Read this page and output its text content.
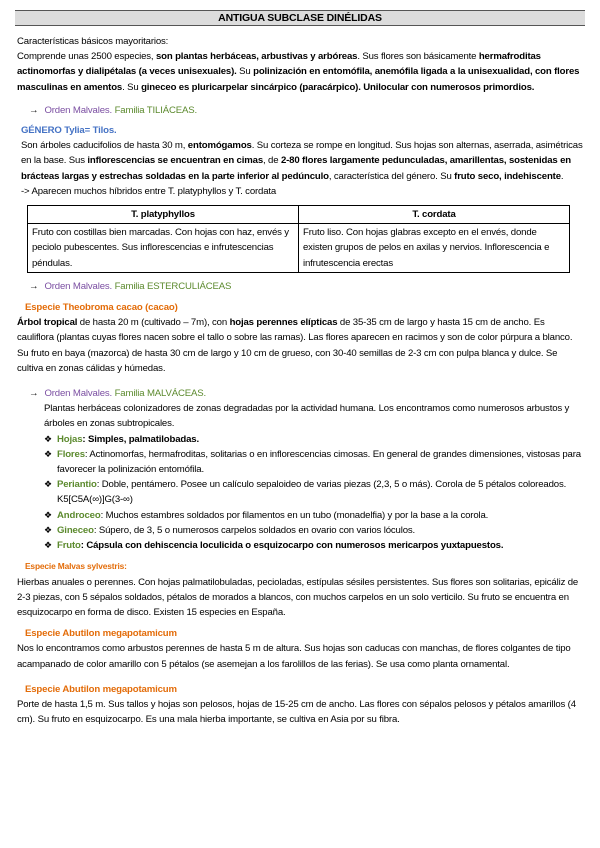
ANTIGUA SUBCLASE DINÉLIDAS

Características básicos mayoritarios:

Comprende unas 2500 especies, son plantas herbáceas, arbustivas y arbóreas. Sus flores son básicamente hermafroditas actinomorfas y dialipétalas (a veces unisexuales). Su polinización en entomófila, anemófila ligada a la unisexualidad, con flores masculinas en amentos. Su gineceo es pluricarpelar sincárpico (paracárpico). Unilocular con numerosos primordios.

→ Orden Malvales. Familia TILIÁCEAS.

GÉNERO Tylia= Tilos.

Son árboles caducifolios de hasta 30 m, entomógamos. Su corteza se rompe en longitud. Sus hojas son alternas, aserrada, asimétricas en la base. Sus inflorescencias se encuentran en cimas, de 2-80 flores largamente pedunculadas, amarillentas, sostenidas en brácteas largas y estrechas soldadas en la parte inferior al pedúnculo, característica del género. Su fruto seco, indehiscente.

-> Aparecen muchos híbridos entre T. platyphyllos y T. cordata

T. platyphyllos	T. cordata
Fruto con costillas bien marcadas. Con hojas con haz, envés y peciolo pubescentes. Sus inflorescencias e infrutescencias péndulas.	Fruto liso. Con hojas glabras excepto en el envés, donde existen grupos de pelos en axilas y nervios. Inflorescencia e infrutescencia erectas

→ Orden Malvales. Familia ESTERCULIÁCEAS

Especie Theobroma cacao (cacao)

Árbol tropical de hasta 20 m (cultivado – 7m), con hojas perennes elípticas de 35-35 cm de largo y hasta 15 cm de ancho. Es cauliflora (plantas cuyas flores nacen sobre el tallo o sobre las ramas). Las flores aparecen en racimos y son de color púrpura a blanco. Su fruto en baya (mazorca) de hasta 30 cm de largo y 10 cm de grueso, con 30-40 semillas de 2-3 cm con pulpa blanca y dulce. Se cultiva en zonas cálidas y húmedas.

→ Orden Malvales. Familia MALVÁCEAS.

Plantas herbáceas colonizadores de zonas degradadas por la actividad humana. Los encontramos como numerosos arbustos y árboles en zonas subtropicales.

❖ Hojas: Simples, palmatilobadas.
❖ Flores: Actinomorfas, hermafroditas, solitarias o en inflorescencias cimosas. En general de grandes dimensiones, vistosas para favorecer la polinización entomófila.
❖ Periantio: Doble, pentámero. Posee un calículo sepaloideo de varias piezas (2,3, 5 o más). Corola de 5 pétalos coloreados. K5[C5A(∞)]G(3-∞)
❖ Androceo: Muchos estambres soldados por filamentos en un tubo (monadelfia) y por la base a la corola.
❖ Gineceo: Súpero, de 3, 5 o numerosos carpelos soldados en ovario con varios lóculos.
❖ Fruto: Cápsula con dehiscencia loculicida o esquizocarpo con numerosos mericarpos yuxtapuestos.

Especie Malvas sylvestris:

Hierbas anuales o perennes. Con hojas palmatilobuladas, pecioladas, estípulas sésiles persistentes. Sus flores son solitarias, epicáliz de 2-3 piezas, con 5 sépalos soldados, pétalos de morados a blancos, con muchos carpelos en un solo verticilo. Su fruto se encuentra en esquizocarpo en forma de disco. Existen 15 especies en España.

Especie Abutilon megapotamicum

Nos lo encontramos como arbustos perennes de hasta 5 m de altura. Sus hojas son caducas con manchas, de flores colgantes de tipo acampanado de color amarillo con 5 pétalos (se asemejan a los farolillos de las ferias). Se usa como planta ornamental.

Especie Abutilon megapotamicum

Porte de hasta 1,5 m. Sus tallos y hojas son pelosos, hojas de 15-25 cm de ancho. Las flores con sépalos pelosos y pétalos amarillos (4 cm). Su fruto en esquizocarpo. Es una mala hierba importante, se cultiva en Asia por su fibra.
